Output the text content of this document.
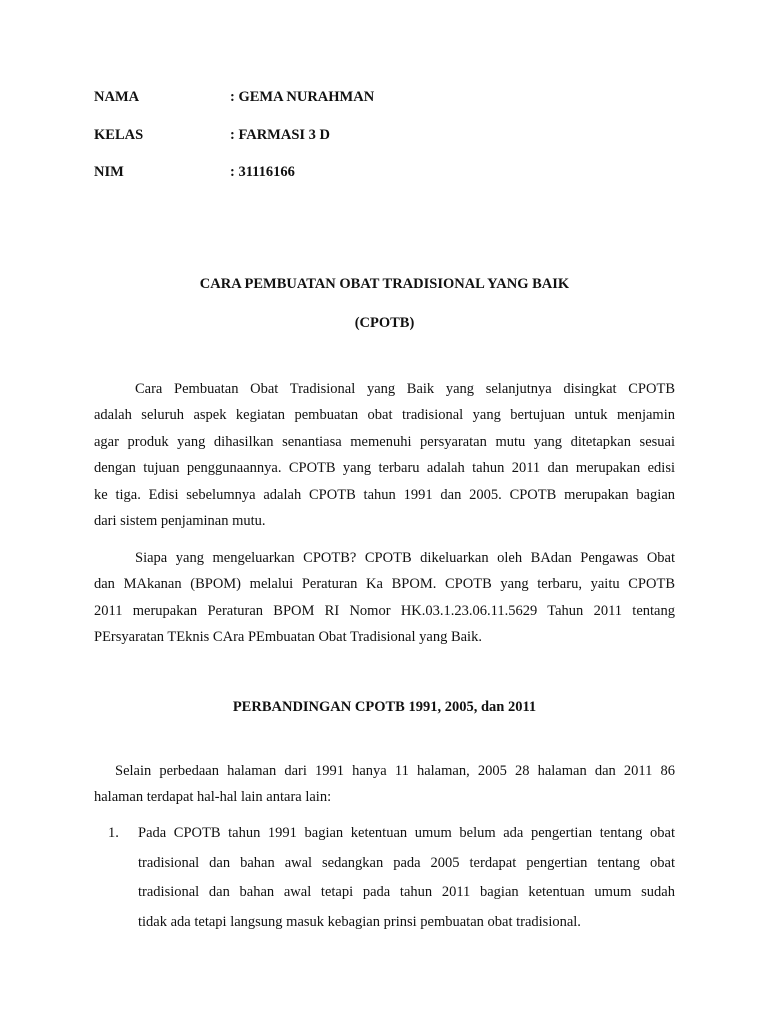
NAMA	: GEMA NURAHMAN
KELAS	: FARMASI 3 D
NIM	: 31116166
CARA PEMBUATAN OBAT TRADISIONAL YANG BAIK
(CPOTB)
Cara Pembuatan Obat Tradisional yang Baik yang selanjutnya disingkat CPOTB
adalah seluruh aspek kegiatan pembuatan obat tradisional yang bertujuan untuk menjamin
agar produk yang dihasilkan senantiasa memenuhi persyaratan mutu yang ditetapkan sesuai
dengan tujuan penggunaannya. CPOTB yang terbaru adalah tahun 2011 dan merupakan edisi
ke tiga. Edisi sebelumnya adalah CPOTB tahun 1991 dan 2005. CPOTB merupakan bagian
dari sistem penjaminan mutu.
Siapa yang mengeluarkan CPOTB? CPOTB dikeluarkan oleh BAdan Pengawas Obat
dan MAkanan (BPOM) melalui Peraturan Ka BPOM. CPOTB yang terbaru, yaitu CPOTB
2011 merupakan Peraturan BPOM RI Nomor HK.03.1.23.06.11.5629 Tahun 2011 tentang
PErsyaratan TEknis CAra PEmbuatan Obat Tradisional yang Baik.
PERBANDINGAN CPOTB 1991, 2005, dan 2011
Selain perbedaan halaman dari 1991 hanya 11 halaman, 2005 28 halaman dan 2011 86
halaman terdapat hal-hal lain antara lain:
1. Pada CPOTB tahun 1991 bagian ketentuan umum belum ada pengertian tentang obat
tradisional dan bahan awal sedangkan pada 2005 terdapat pengertian tentang obat
tradisional dan bahan awal tetapi pada tahun 2011 bagian ketentuan umum sudah
tidak ada tetapi langsung masuk kebagian prinsi pembuatan obat tradisional.
